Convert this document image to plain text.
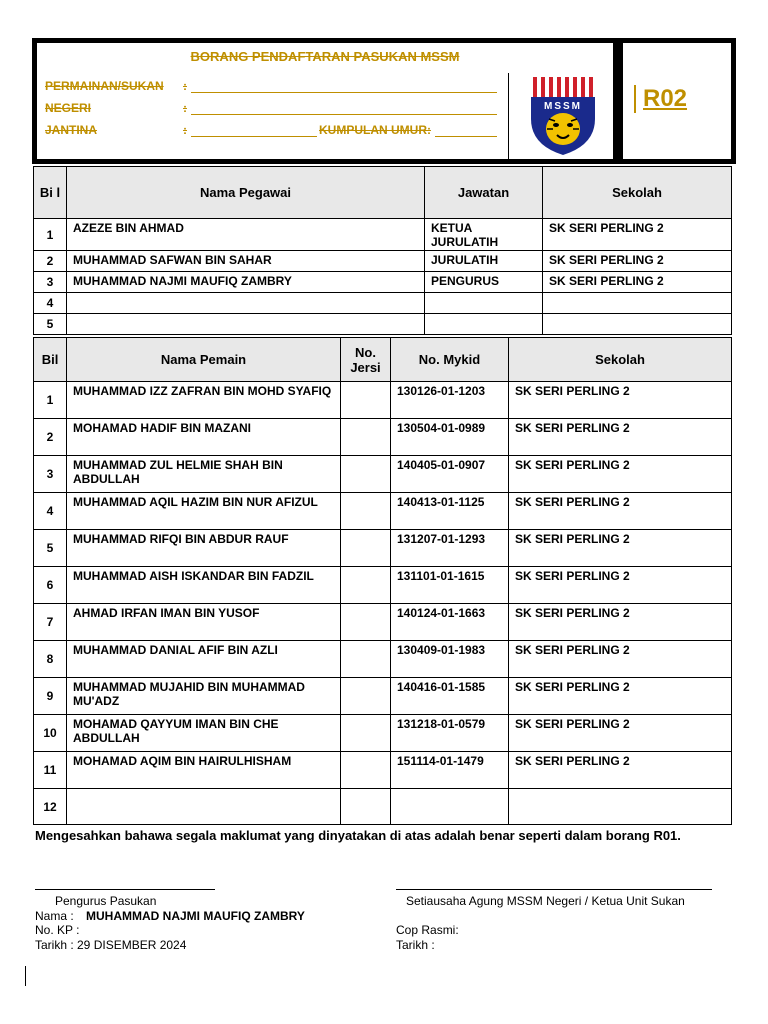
BORANG PENDAFTARAN PASUKAN MSSM
PERMAINAN/SUKAN :
NEGERI	:
JANTINA	:	KUMPULAN UMUR:
MSSM	R02
Bi l	Nama Pegawai	Jawatan	Sekolah
1	AZEZE BIN AHMAD	KETUA JURULATIH	SK SERI PERLING 2
2	MUHAMMAD SAFWAN BIN SAHAR	JURULATIH	SK SERI PERLING 2
3	MUHAMMAD NAJMI MAUFIQ ZAMBRY	PENGURUS	SK SERI PERLING 2
4			
5			
Bil	Nama Pemain	No. Jersi	No. Mykid	Sekolah
1	MUHAMMAD IZZ ZAFRAN BIN MOHD SYAFIQ		130126-01-1203	SK SERI PERLING 2
2	MOHAMAD HADIF BIN MAZANI		130504-01-0989	SK SERI PERLING 2
3	MUHAMMAD ZUL HELMIE SHAH BIN ABDULLAH		140405-01-0907	SK SERI PERLING 2
4	MUHAMMAD AQIL HAZIM BIN NUR AFIZUL		140413-01-1125	SK SERI PERLING 2
5	MUHAMMAD RIFQI BIN ABDUR RAUF		131207-01-1293	SK SERI PERLING 2
6	MUHAMMAD AISH ISKANDAR BIN FADZIL		131101-01-1615	SK SERI PERLING 2
7	AHMAD IRFAN IMAN BIN YUSOF		140124-01-1663	SK SERI PERLING 2
8	MUHAMMAD DANIAL AFIF BIN AZLI		130409-01-1983	SK SERI PERLING 2
9	MUHAMMAD MUJAHID BIN MUHAMMAD MU'ADZ		140416-01-1585	SK SERI PERLING 2
10	MOHAMAD QAYYUM IMAN BIN CHE ABDULLAH		131218-01-0579	SK SERI PERLING 2
11	MOHAMAD AQIM BIN HAIRULHISHAM		151114-01-1479	SK SERI PERLING 2
12				
Mengesahkan bahawa segala maklumat yang dinyatakan di atas adalah benar seperti dalam borang R01.
Pengurus Pasukan
Nama : MUHAMMAD NAJMI MAUFIQ ZAMBRY
No. KP :
Tarikh : 29 DISEMBER 2024
Setiausaha Agung MSSM Negeri / Ketua Unit Sukan
Cop Rasmi:
Tarikh :
